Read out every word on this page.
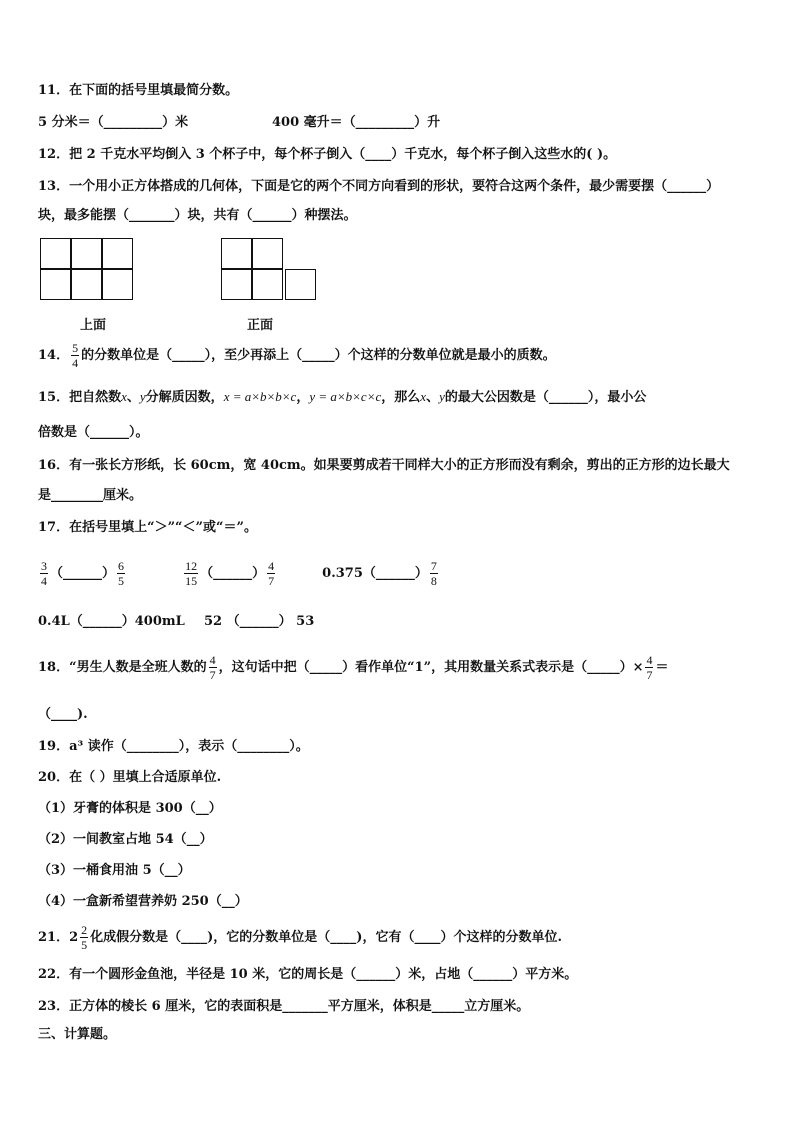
11．在下面的括号里填最简分数。
5 分米＝（_________）米	400 毫升＝（_________）升
12．把 2 千克水平均倒入 3 个杯子中，每个杯子倒入（____）千克水，每个杯子倒入这些水的( )。
13．一个用小正方体搭成的几何体，下面是它的两个不同方向看到的形状，要符合这两个条件，最少需要摆（______）
块，最多能摆（_______）块，共有（______）种摆法。
上面	正面
14． $\frac{5}{4}$ 的分数单位是（_____），至少再添上（_____）个这样的分数单位就是最小的质数。
15．把自然数x、y分解质因数，x = a×b×b×c，y = a×b×c×c，那么x、y的最大公因数是（______），最小公
倍数是（______）。
16．有一张长方形纸，长 60cm，宽 40cm。如果要剪成若干同样大小的正方形而没有剩余，剪出的正方形的边长最大
是________厘米。
17．在括号里填上“＞”“＜”或“＝”。
$\frac{3}{4}$ （______） $\frac{6}{5}$
	$\frac{12}{15}$ （______） $\frac{4}{7}$	0.375（______） $\frac{7}{8}$
0.4L（______）400mL 52 （______） 53
18．“男生人数是全班人数的 $\frac{4}{7}$ ，这句话中把（_____）看作单位“1”，其用数量关系式表示是（_____）× $\frac{4}{7}$ ＝
（____).
19．a³ 读作（________），表示（________）。
20．在（ ）里填上合适原单位.
（1）牙膏的体积是 300（__）
（2）一间教室占地 54（__）
（3）一桶食用油 5（__）
（4）一盒新希望营养奶 250（__）
21．$2 \frac{2}{5}$ 化成假分数是（____)，它的分数单位是（____)，它有（____）个这样的分数单位.
22．有一个圆形金鱼池，半径是 10 米，它的周长是（______）米，占地（______）平方米。
23．正方体的棱长 6 厘米，它的表面积是_______平方厘米，体积是_____立方厘米。
三、计算题。
